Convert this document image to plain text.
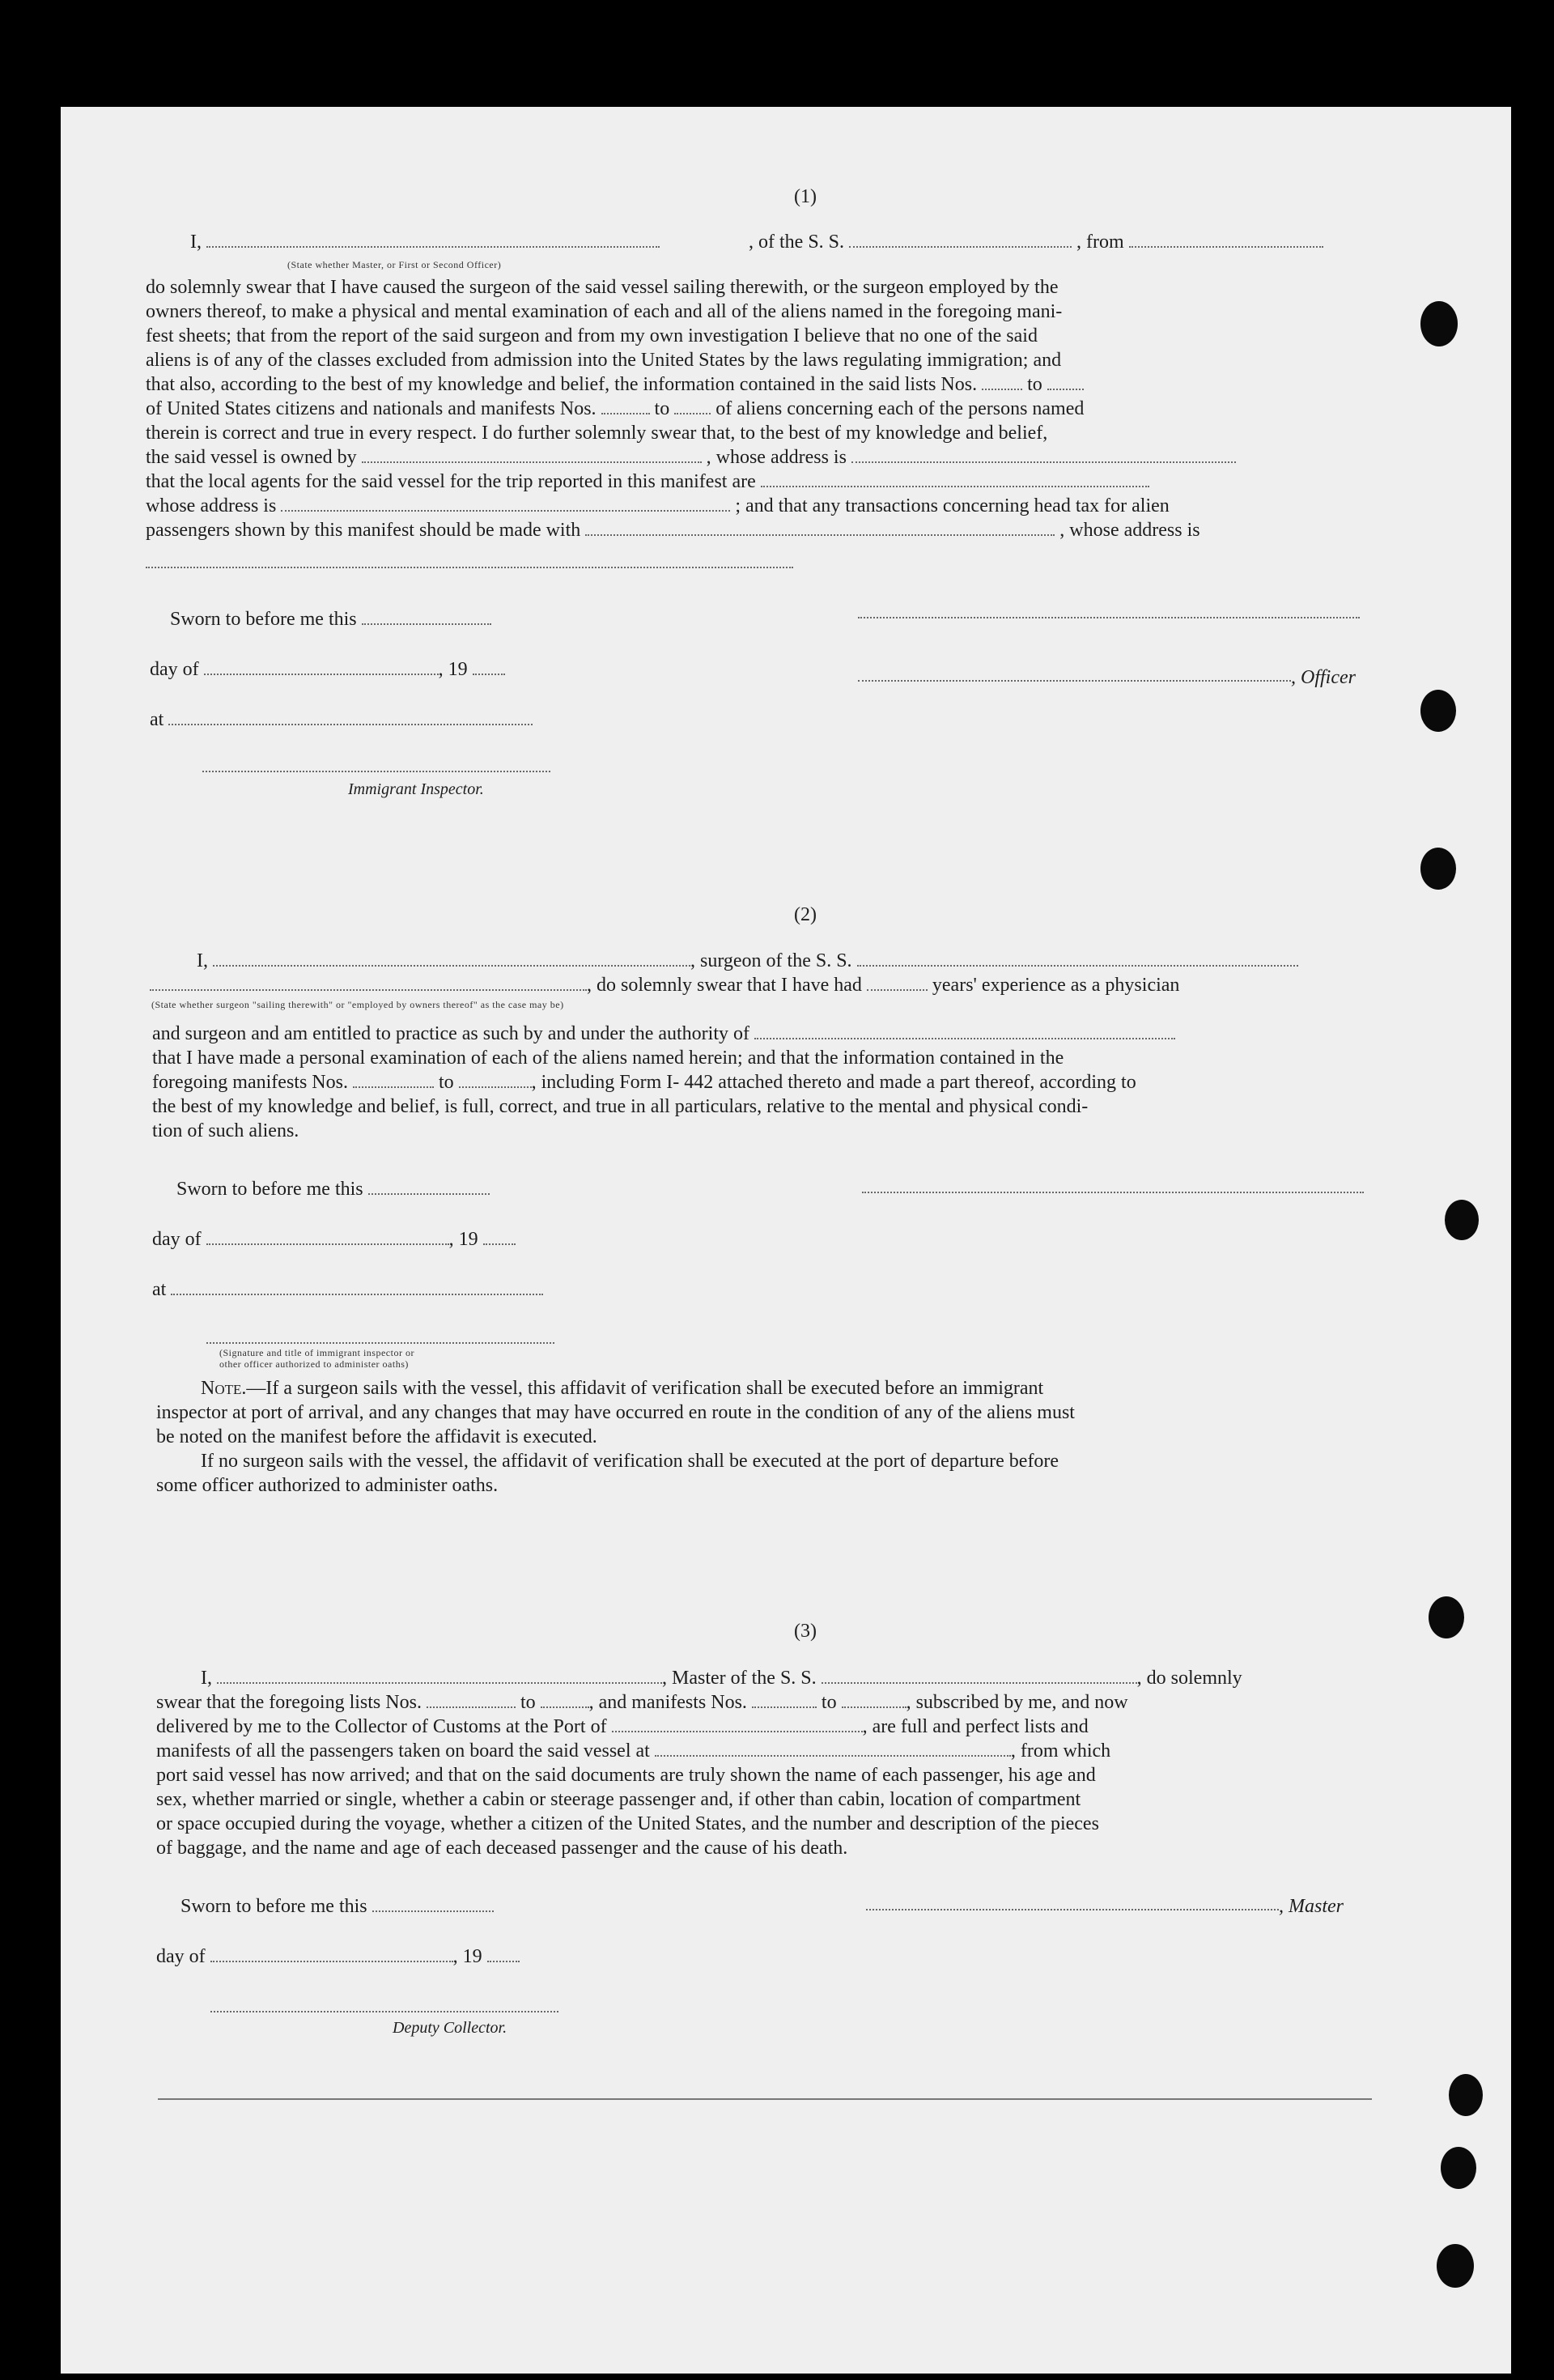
(1)
I,	, of the S. S.	, from
(State whether Master, or First or Second Officer)
do solemnly swear that I have caused the surgeon of the said vessel sailing therewith, or the surgeon employed by the
owners thereof, to make a physical and mental examination of each and all of the aliens named in the foregoing mani-
fest sheets; that from the report of the said surgeon and from my own investigation I believe that no one of the said
aliens is of any of the classes excluded from admission into the United States by the laws regulating immigration; and
that also, according to the best of my knowledge and belief, the information contained in the said lists Nos.	to
of United States citizens and nationals and manifests Nos.	to of aliens concerning each of the persons named
therein is correct and true in every respect. I do further solemnly swear that, to the best of my knowledge and belief,
the said vessel is owned by	, whose address is
that the local agents for the said vessel for the trip reported in this manifest are
whose address is	; and that any transactions concerning head tax for alien
passengers shown by this manifest should be made with	, whose address is
Sworn to before me this
day of	, 19	, Officer
at
Immigrant Inspector.
(2)
I,	, surgeon of the S. S.
, do solemnly swear that I have had	years' experience as a physician
(State whether surgeon "sailing therewith" or "employed by owners thereof" as the case may be)
and surgeon and am entitled to practice as such by and under the authority of
that I have made a personal examination of each of the aliens named herein; and that the information contained in the
foregoing manifests Nos.	to	, including Form I- 442 attached thereto and made a part thereof, according to
the best of my knowledge and belief, is full, correct, and true in all particulars, relative to the mental and physical condi-
tion of such aliens.
Sworn to before me this
day of	, 19
at
(Signature and title of immigrant inspector or
other officer authorized to administer oaths)
Note.—If a surgeon sails with the vessel, this affidavit of verification shall be executed before an immigrant
inspector at port of arrival, and any changes that may have occurred en route in the condition of any of the aliens must
be noted on the manifest before the affidavit is executed.
If no surgeon sails with the vessel, the affidavit of verification shall be executed at the port of departure before
some officer authorized to administer oaths.
(3)
I,	, Master of the S. S.	, do solemnly
swear that the foregoing lists Nos.	to	, and manifests Nos.	to	, subscribed by me, and now
delivered by me to the Collector of Customs at the Port of	, are full and perfect lists and
manifests of all the passengers taken on board the said vessel at	, from which
port said vessel has now arrived; and that on the said documents are truly shown the name of each passenger, his age and
sex, whether married or single, whether a cabin or steerage passenger and, if other than cabin, location of compartment
or space occupied during the voyage, whether a citizen of the United States, and the number and description of the pieces
of baggage, and the name and age of each deceased passenger and the cause of his death.
Sworn to before me this	, Master
day of	, 19
Deputy Collector.
